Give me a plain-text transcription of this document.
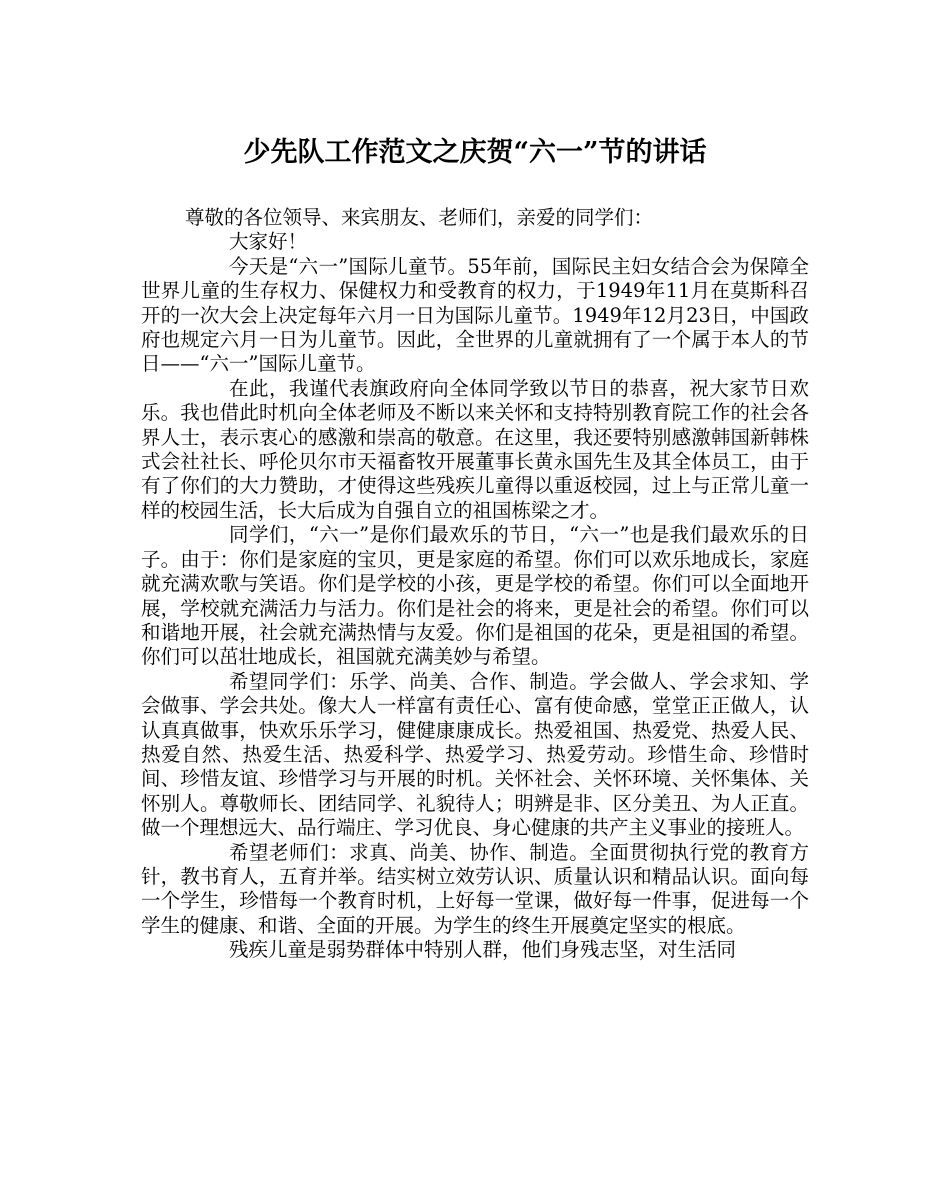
少先队工作范文之庆贺“六一”节的讲话

尊敬的各位领导、来宾朋友、老师们，亲爱的同学们：

大家好！

今天是“六一”国际儿童节。55年前，国际民主妇女结合会为保障全世界儿童的生存权力、保健权力和受教育的权力，于1949年11月在莫斯科召开的一次大会上决定每年六月一日为国际儿童节。1949年12月23日，中国政府也规定六月一日为儿童节。因此，全世界的儿童就拥有了一个属于本人的节日——“六一”国际儿童节。

在此，我谨代表旗政府向全体同学致以节日的恭喜，祝大家节日欢乐。我也借此时机向全体老师及不断以来关怀和支持特别教育院工作的社会各界人士，表示衷心的感激和崇高的敬意。在这里，我还要特别感激韩国新韩株式会社社长、呼伦贝尔市天福畜牧开展董事长黄永国先生及其全体员工，由于有了你们的大力赞助，才使得这些残疾儿童得以重返校园，过上与正常儿童一样的校园生活，长大后成为自强自立的祖国栋梁之才。

同学们，“六一”是你们最欢乐的节日，“六一”也是我们最欢乐的日子。由于：你们是家庭的宝贝，更是家庭的希望。你们可以欢乐地成长，家庭就充满欢歌与笑语。你们是学校的小孩，更是学校的希望。你们可以全面地开展，学校就充满活力与活力。你们是社会的将来，更是社会的希望。你们可以和谐地开展，社会就充满热情与友爱。你们是祖国的花朵，更是祖国的希望。你们可以茁壮地成长，祖国就充满美妙与希望。

希望同学们：乐学、尚美、合作、制造。学会做人、学会求知、学会做事、学会共处。像大人一样富有责任心、富有使命感，堂堂正正做人，认认真真做事，快欢乐乐学习，健健康康成长。热爱祖国、热爱党、热爱人民、热爱自然、热爱生活、热爱科学、热爱学习、热爱劳动。珍惜生命、珍惜时间、珍惜友谊、珍惜学习与开展的时机。关怀社会、关怀环境、关怀集体、关怀别人。尊敬师长、团结同学、礼貌待人；明辨是非、区分美丑、为人正直。做一个理想远大、品行端庄、学习优良、身心健康的共产主义事业的接班人。

希望老师们：求真、尚美、协作、制造。全面贯彻执行党的教育方针，教书育人，五育并举。结实树立效劳认识、质量认识和精品认识。面向每一个学生，珍惜每一个教育时机，上好每一堂课，做好每一件事，促进每一个学生的健康、和谐、全面的开展。为学生的终生开展奠定坚实的根底。

残疾儿童是弱势群体中特别人群，他们身残志坚，对生活同
